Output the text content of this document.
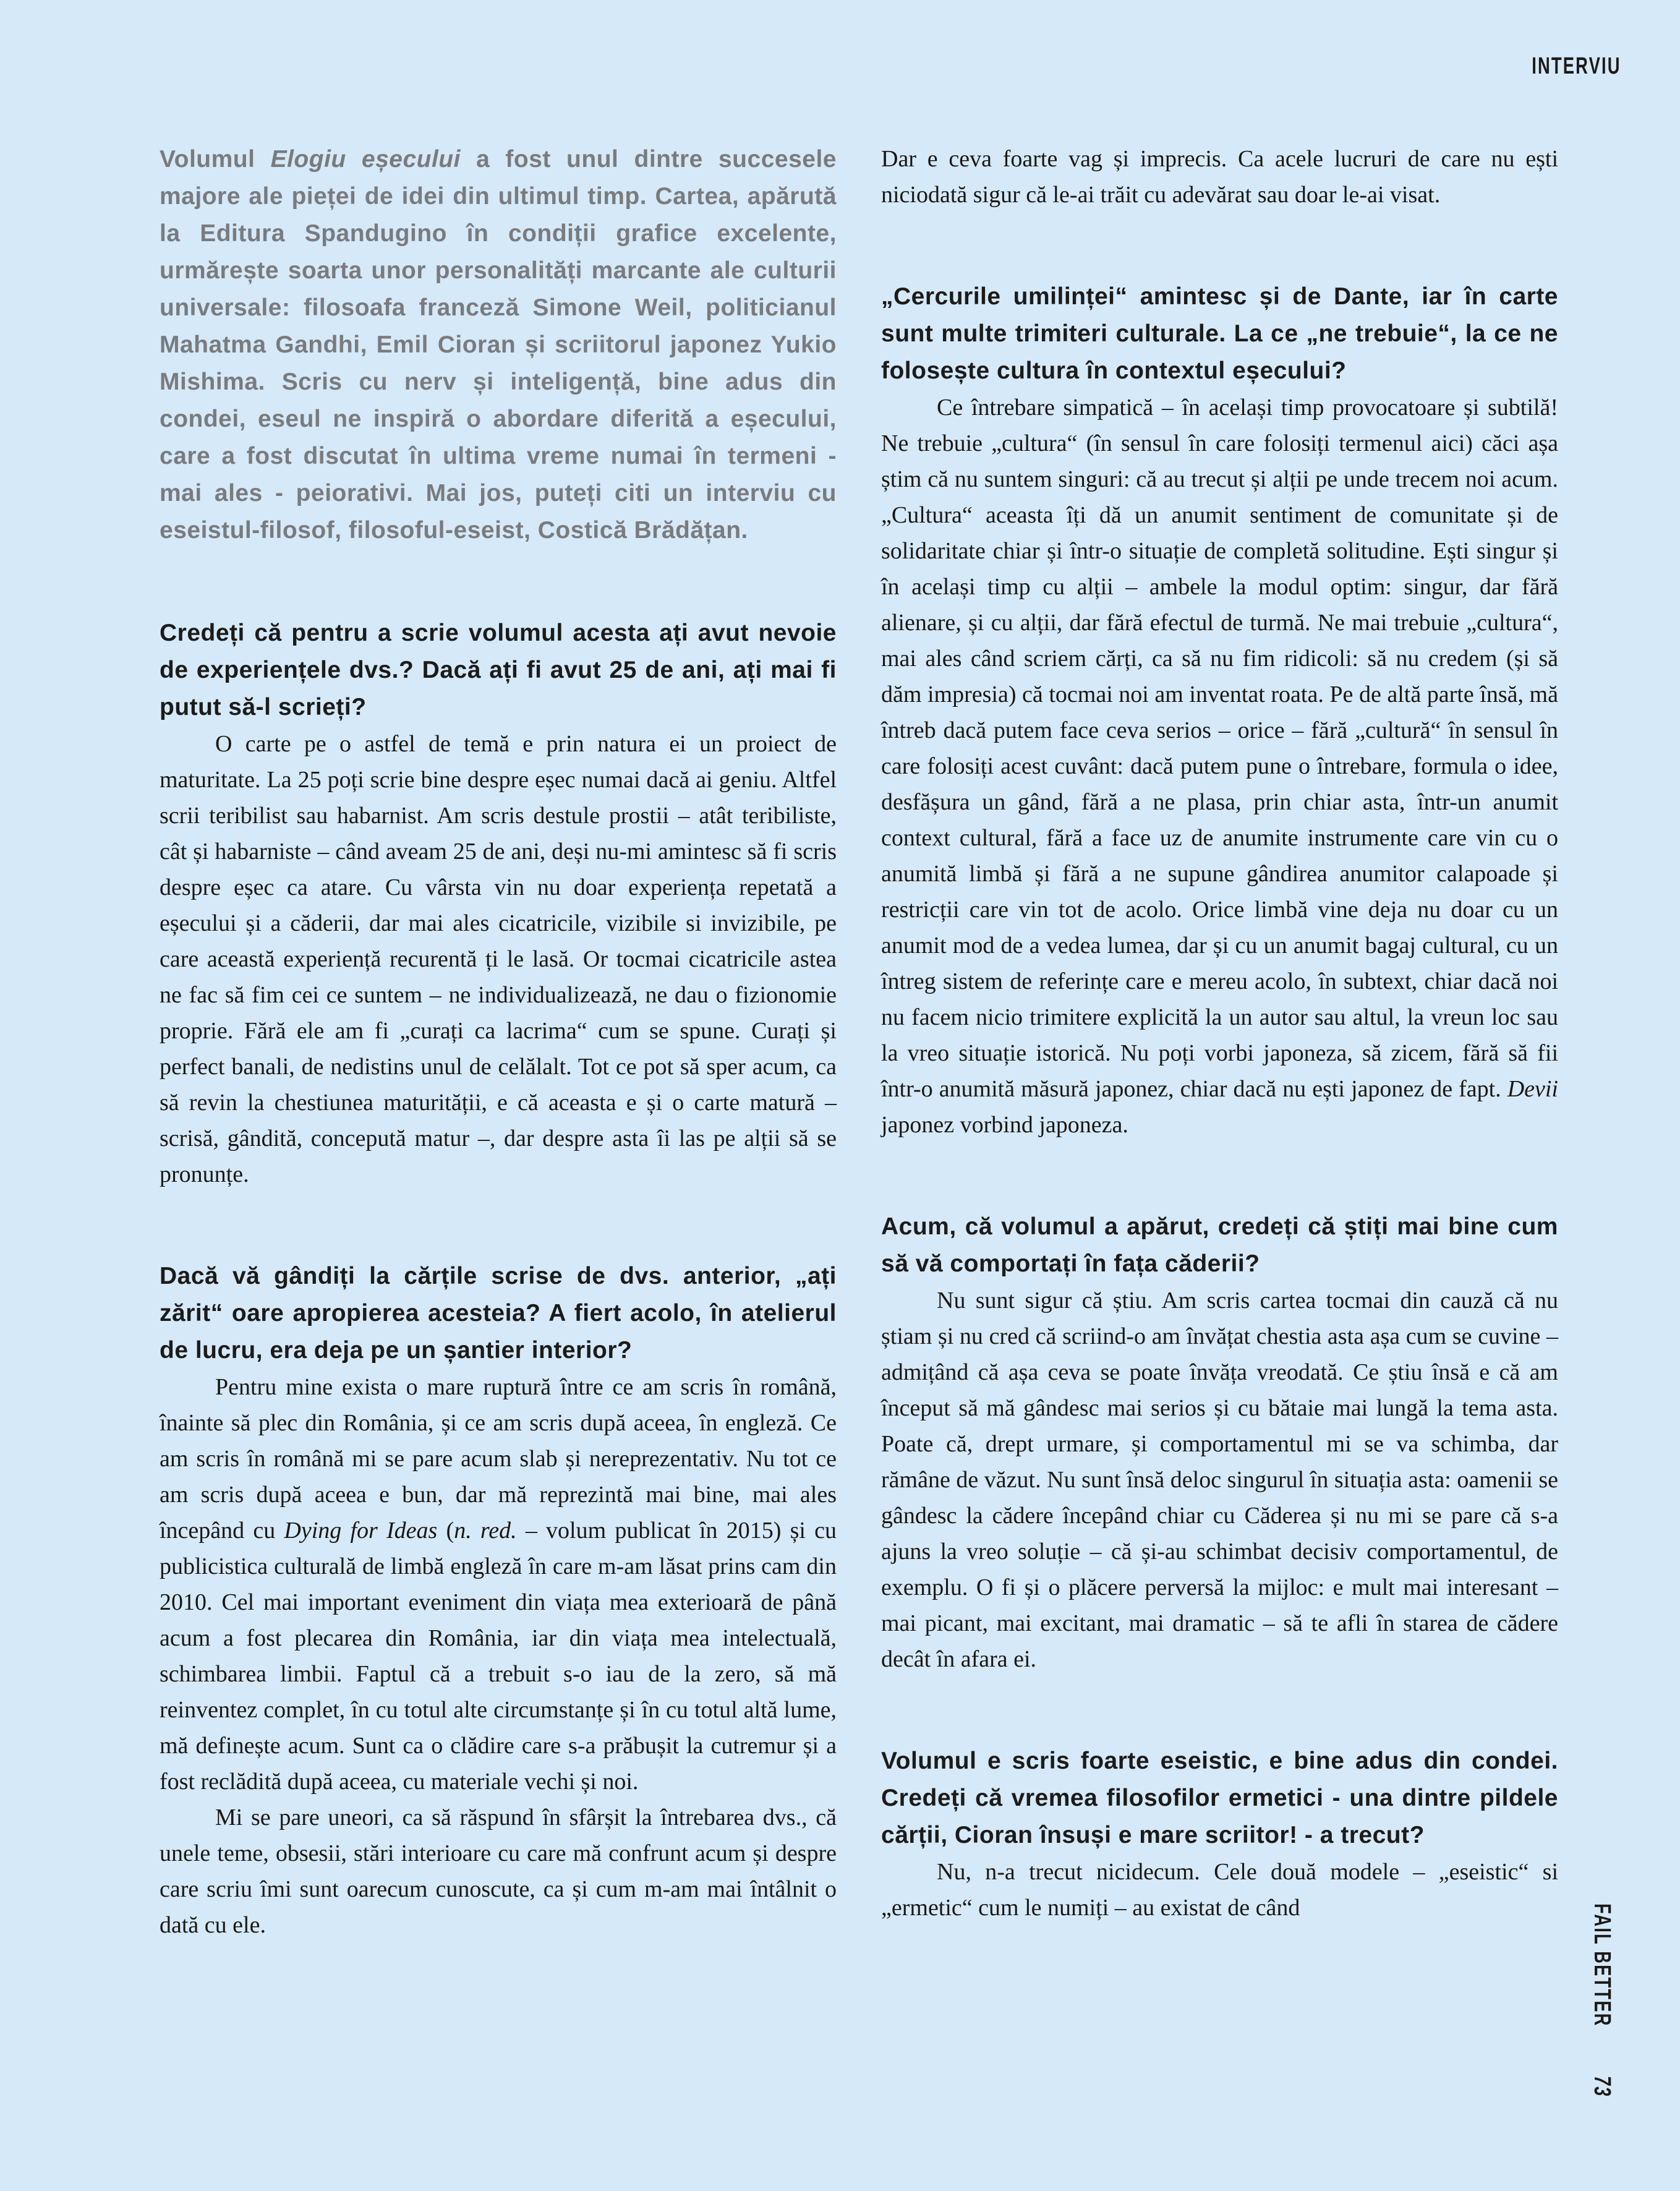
INTERVIU

Volumul Elogiu eșecului a fost unul dintre succesele majore ale pieței de idei din ultimul timp. Cartea, apărută la Editura Spandugino în condiții grafice excelente, urmărește soarta unor personalități marcante ale culturii universale: filosoafa franceză Simone Weil, politicianul Mahatma Gandhi, Emil Cioran și scriitorul japonez Yukio Mishima. Scris cu nerv și inteligență, bine adus din condei, eseul ne inspiră o abordare diferită a eșecului, care a fost discutat în ultima vreme numai în termeni - mai ales - peiorativi. Mai jos, puteți citi un interviu cu eseistul-filosof, filosoful-eseist, Costică Brădățan.

Credeți că pentru a scrie volumul acesta ați avut nevoie de experiențele dvs.? Dacă ați fi avut 25 de ani, ați mai fi putut să-l scrieți?

O carte pe o astfel de temă e prin natura ei un proiect de maturitate. La 25 poți scrie bine despre eșec numai dacă ai geniu. Altfel scrii teribilist sau habarnist. Am scris destule prostii – atât teribiliste, cât și habarniste – când aveam 25 de ani, deși nu-mi amintesc să fi scris despre eșec ca atare. Cu vârsta vin nu doar experiența repetată a eșecului și a căderii, dar mai ales cicatricile, vizibile si invizibile, pe care această experiență recurentă ți le lasă. Or tocmai cicatricile astea ne fac să fim cei ce suntem – ne individualizează, ne dau o fizionomie proprie. Fără ele am fi „curați ca lacrima“ cum se spune. Curați și perfect banali, de nedistins unul de celălalt. Tot ce pot să sper acum, ca să revin la chestiunea maturității, e că aceasta e și o carte matură – scrisă, gândită, concepută matur –, dar despre asta îi las pe alții să se pronunțe.

Dacă vă gândiți la cărțile scrise de dvs. anterior, „ați zărit“ oare apropierea acesteia? A fiert acolo, în atelierul de lucru, era deja pe un șantier interior?

Pentru mine exista o mare ruptură între ce am scris în română, înainte să plec din România, și ce am scris după aceea, în engleză. Ce am scris în română mi se pare acum slab și nereprezentativ. Nu tot ce am scris după aceea e bun, dar mă reprezintă mai bine, mai ales începând cu Dying for Ideas (n. red. – volum publicat în 2015) și cu publicistica culturală de limbă engleză în care m-am lăsat prins cam din 2010. Cel mai important eveniment din viața mea exterioară de până acum a fost plecarea din România, iar din viața mea intelectuală, schimbarea limbii. Faptul că a trebuit s-o iau de la zero, să mă reinventez complet, în cu totul alte circumstanțe și în cu totul altă lume, mă definește acum. Sunt ca o clădire care s-a prăbușit la cutremur și a fost reclădită după aceea, cu materiale vechi și noi.

Mi se pare uneori, ca să răspund în sfârșit la întrebarea dvs., că unele teme, obsesii, stări interioare cu care mă confrunt acum și despre care scriu îmi sunt oarecum cunoscute, ca și cum m-am mai întâlnit o dată cu ele.

Dar e ceva foarte vag și imprecis. Ca acele lucruri de care nu ești niciodată sigur că le-ai trăit cu adevărat sau doar le-ai visat.

„Cercurile umilinței“ amintesc și de Dante, iar în carte sunt multe trimiteri culturale. La ce „ne trebuie“, la ce ne folosește cultura în contextul eșecului?

Ce întrebare simpatică – în același timp provocatoare și subtilă! Ne trebuie „cultura“ (în sensul în care folosiți termenul aici) căci așa știm că nu suntem singuri: că au trecut și alții pe unde trecem noi acum. „Cultura“ aceasta îți dă un anumit sentiment de comunitate și de solidaritate chiar și într-o situație de completă solitudine. Ești singur și în același timp cu alții – ambele la modul optim: singur, dar fără alienare, și cu alții, dar fără efectul de turmă. Ne mai trebuie „cultura“, mai ales când scriem cărți, ca să nu fim ridicoli: să nu credem (și să dăm impresia) că tocmai noi am inventat roata. Pe de altă parte însă, mă întreb dacă putem face ceva serios – orice – fără „cultură“ în sensul în care folosiți acest cuvânt: dacă putem pune o întrebare, formula o idee, desfășura un gând, fără a ne plasa, prin chiar asta, într-un anumit context cultural, fără a face uz de anumite instrumente care vin cu o anumită limbă și fără a ne supune gândirea anumitor calapoade și restricții care vin tot de acolo. Orice limbă vine deja nu doar cu un anumit mod de a vedea lumea, dar și cu un anumit bagaj cultural, cu un întreg sistem de referințe care e mereu acolo, în subtext, chiar dacă noi nu facem nicio trimitere explicită la un autor sau altul, la vreun loc sau la vreo situație istorică. Nu poți vorbi japoneza, să zicem, fără să fii într-o anumită măsură japonez, chiar dacă nu ești japonez de fapt. Devii japonez vorbind japoneza.

Acum, că volumul a apărut, credeți că știți mai bine cum să vă comportați în fața căderii?

Nu sunt sigur că știu. Am scris cartea tocmai din cauză că nu știam și nu cred că scriind-o am învățat chestia asta așa cum se cuvine – admițând că așa ceva se poate învăța vreodată. Ce știu însă e că am început să mă gândesc mai serios și cu bătaie mai lungă la tema asta. Poate că, drept urmare, și comportamentul mi se va schimba, dar rămâne de văzut. Nu sunt însă deloc singurul în situația asta: oamenii se gândesc la cădere începând chiar cu Căderea și nu mi se pare că s-a ajuns la vreo soluție – că și-au schimbat decisiv comportamentul, de exemplu. O fi și o plăcere perversă la mijloc: e mult mai interesant – mai picant, mai excitant, mai dramatic – să te afli în starea de cădere decât în afara ei.

Volumul e scris foarte eseistic, e bine adus din condei. Credeți că vremea filosofilor ermetici - una dintre pildele cărții, Cioran însuși e mare scriitor! - a trecut?

Nu, n-a trecut nicidecum. Cele două modele – „eseistic“ si „ermetic“ cum le numiți – au existat de când	FAIL BETTER73
